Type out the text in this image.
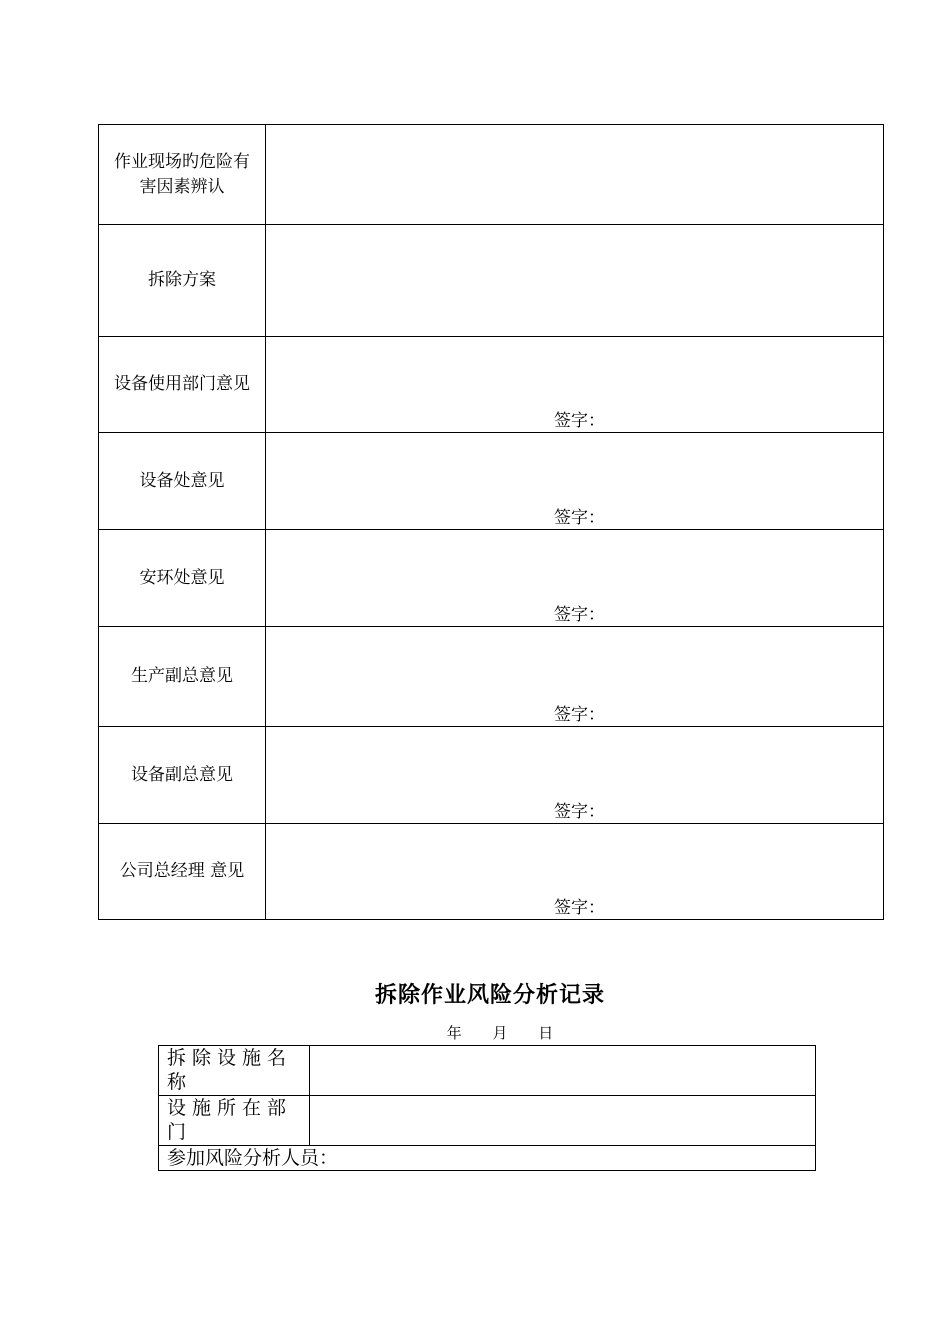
作业现场旳危险有害因素辨认	
拆除方案	
设备使用部门意见	签字：

设备处意见	签字：

安环处意见	签字：

生产副总意见	签字：

设备副总意见	签字：

公司总经理 意见	签字：
拆除作业风险分析记录
年 月 日
拆除设施名称	
设施所在部门	
参加风险分析人员：	
